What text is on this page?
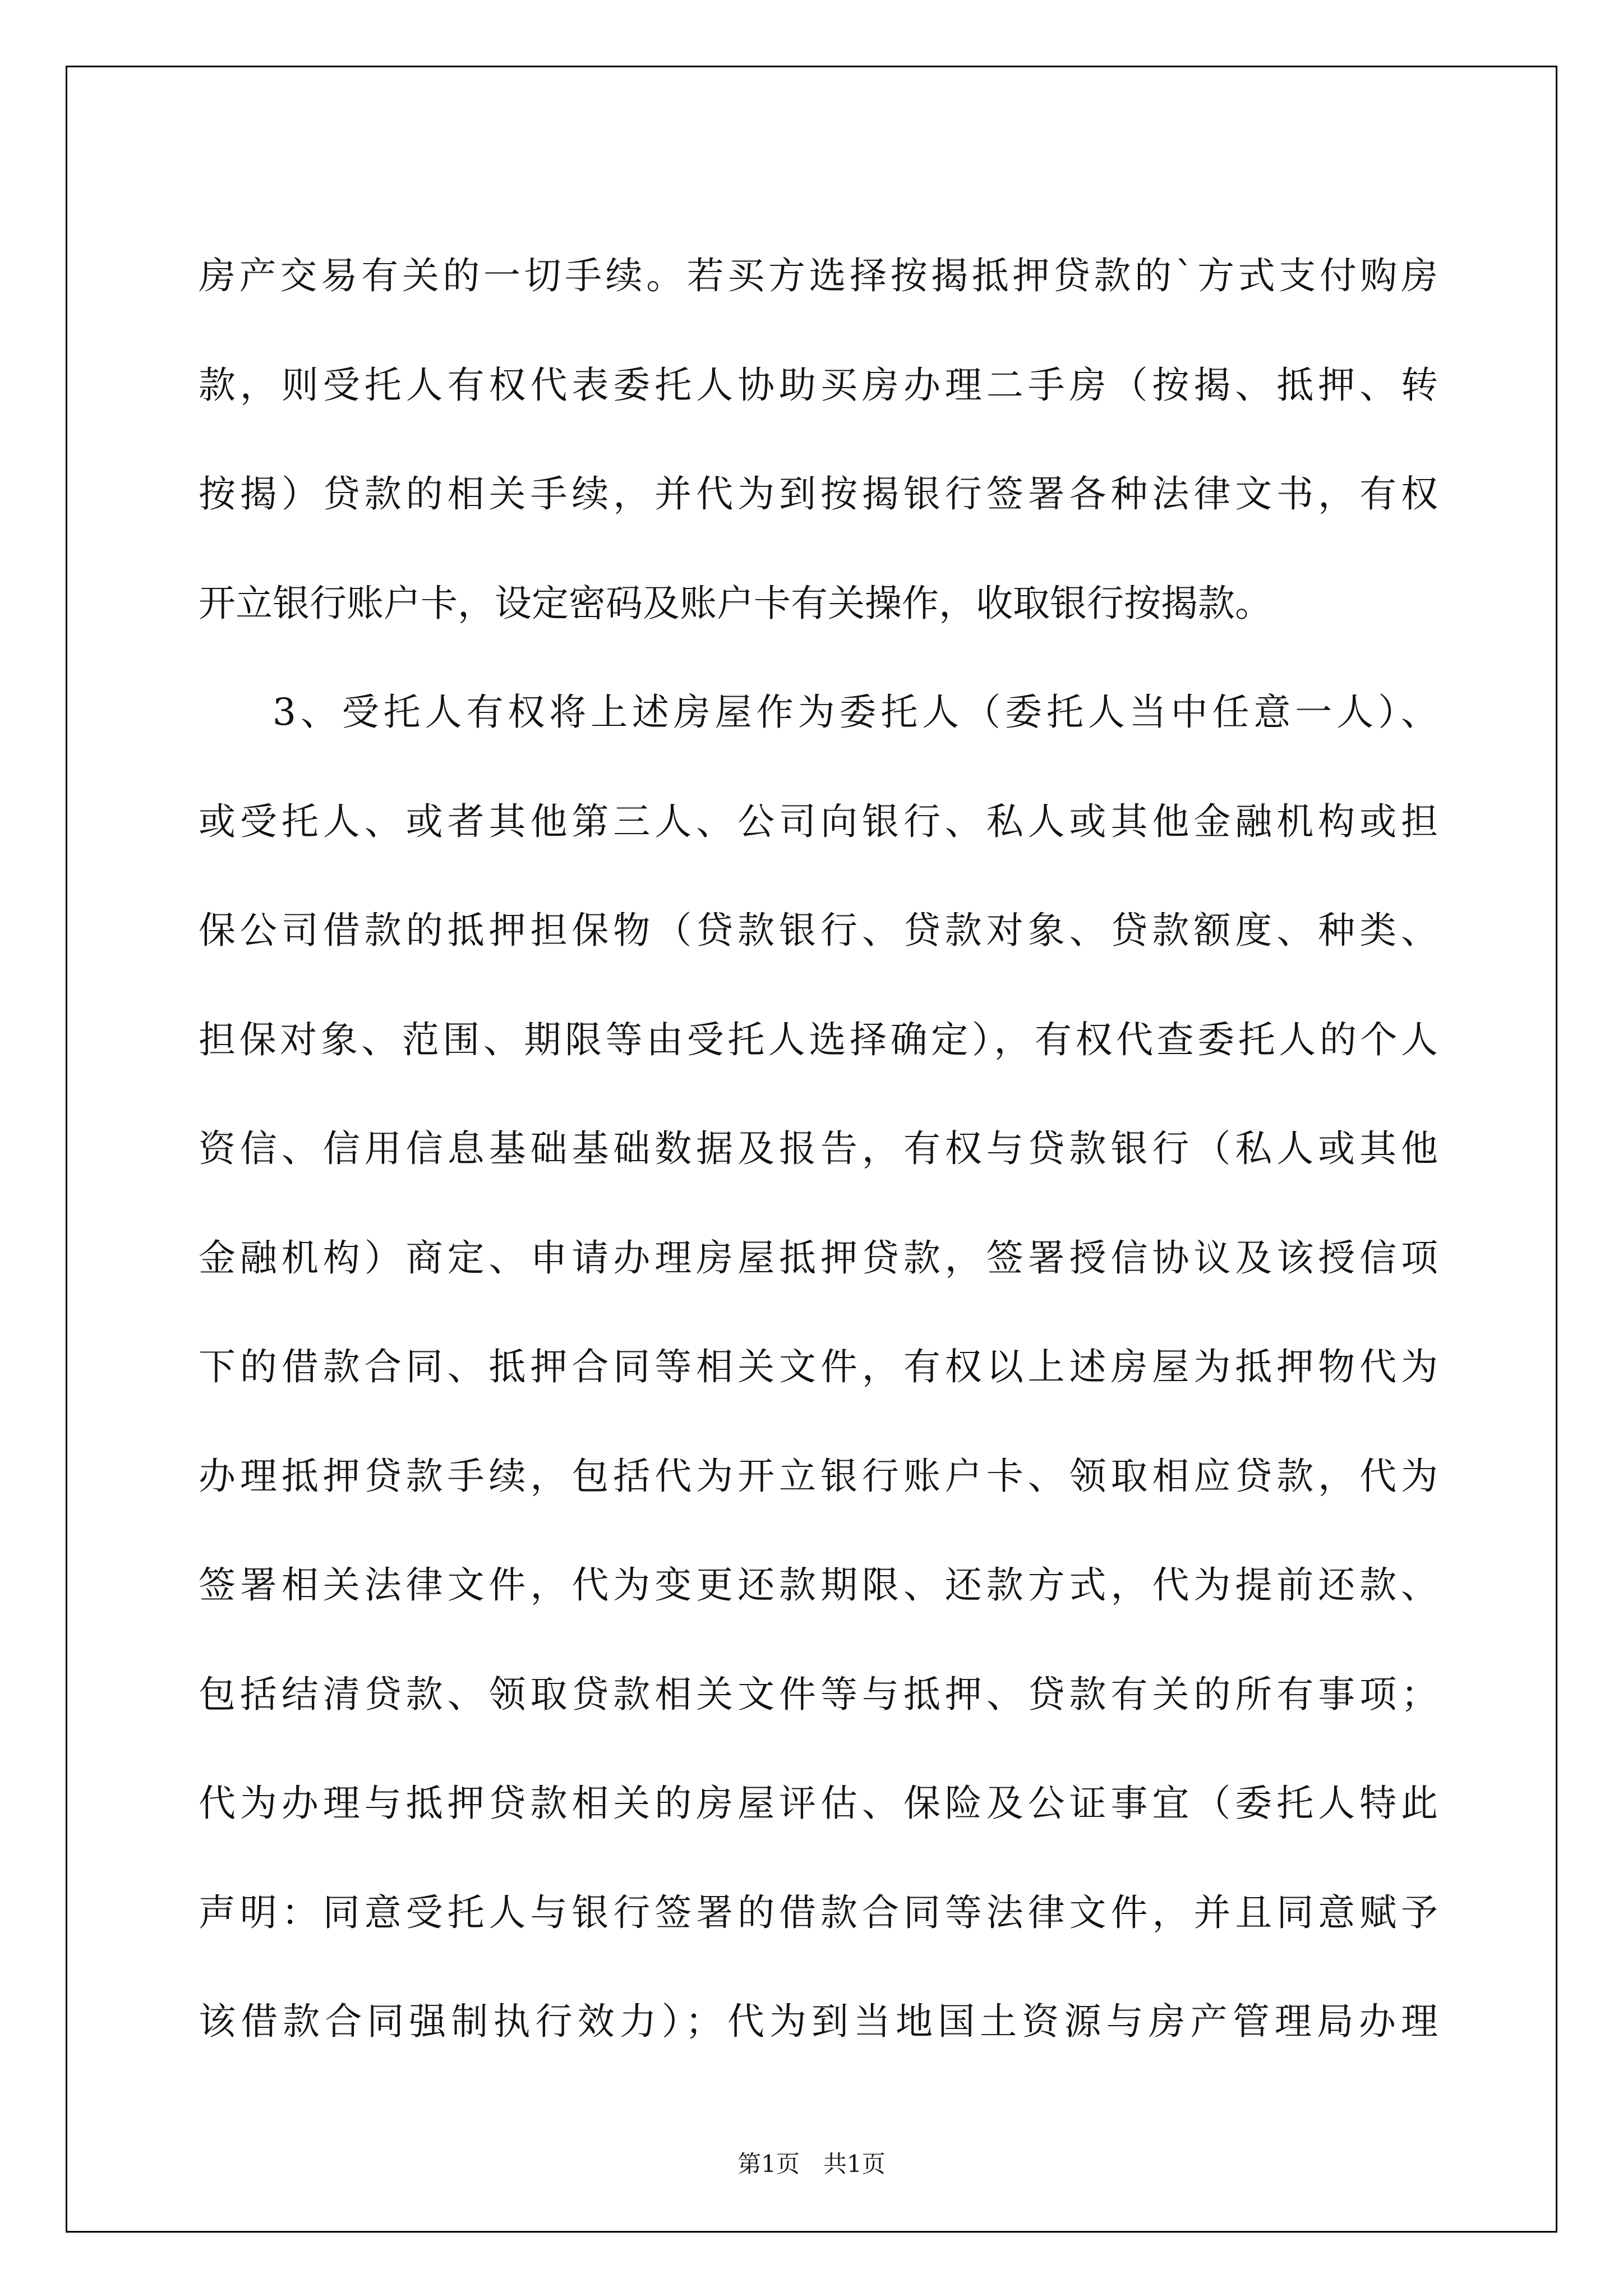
房产交易有关的一切手续。若买方选择按揭抵押贷款的`方式支付购房
款，则受托人有权代表委托人协助买房办理二手房（按揭、抵押、转
按揭）贷款的相关手续，并代为到按揭银行签署各种法律文书，有权
开立银行账户卡，设定密码及账户卡有关操作，收取银行按揭款。
3、受托人有权将上述房屋作为委托人（委托人当中任意一人）、
或受托人、或者其他第三人、公司向银行、私人或其他金融机构或担
保公司借款的抵押担保物（贷款银行、贷款对象、贷款额度、种类、
担保对象、范围、期限等由受托人选择确定），有权代查委托人的个人
资信、信用信息基础基础数据及报告，有权与贷款银行（私人或其他
金融机构）商定、申请办理房屋抵押贷款，签署授信协议及该授信项
下的借款合同、抵押合同等相关文件，有权以上述房屋为抵押物代为
办理抵押贷款手续，包括代为开立银行账户卡、领取相应贷款，代为
签署相关法律文件，代为变更还款期限、还款方式，代为提前还款、
包括结清贷款、领取贷款相关文件等与抵押、贷款有关的所有事项；
代为办理与抵押贷款相关的房屋评估、保险及公证事宜（委托人特此
声明：同意受托人与银行签署的借款合同等法律文件，并且同意赋予
该借款合同强制执行效力）；代为到当地国土资源与房产管理局办理
第1页　共1页
